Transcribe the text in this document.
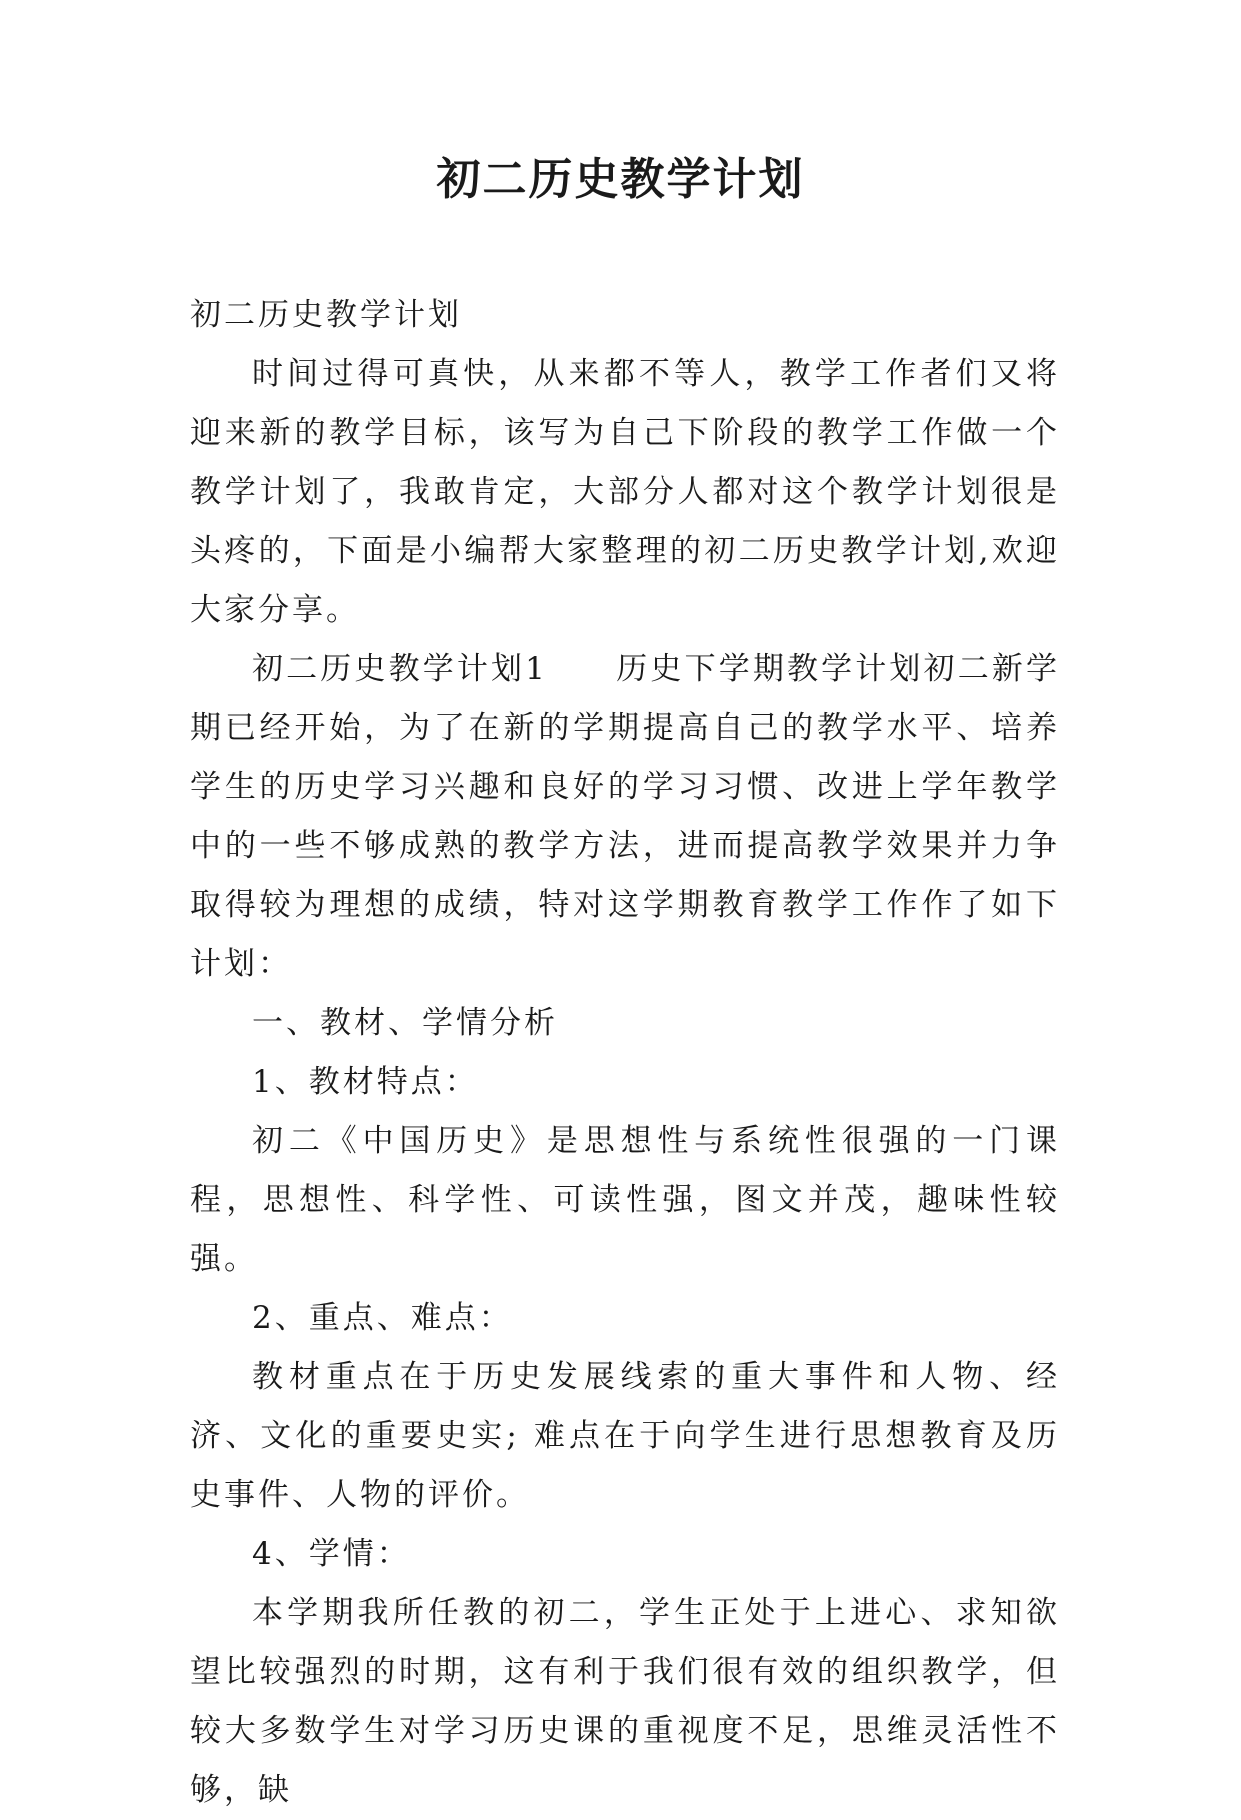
初二历史教学计划

初二历史教学计划

时间过得可真快，从来都不等人，教学工作者们又将迎来新的教学目标，该写为自己下阶段的教学工作做一个教学计划了，我敢肯定，大部分人都对这个教学计划很是头疼的，下面是小编帮大家整理的初二历史教学计划,欢迎大家分享。

初二历史教学计划1　　历史下学期教学计划初二新学期已经开始，为了在新的学期提高自己的教学水平、培养学生的历史学习兴趣和良好的学习习惯、改进上学年教学中的一些不够成熟的教学方法，进而提高教学效果并力争取得较为理想的成绩，特对这学期教育教学工作作了如下计划：

一、教材、学情分析

1、教材特点：

初二《中国历史》是思想性与系统性很强的一门课程，思想性、科学性、可读性强，图文并茂，趣味性较强。

2、重点、难点：

教材重点在于历史发展线索的重大事件和人物、经济、文化的重要史实; 难点在于向学生进行思想教育及历史事件、人物的评价。

4、学情：

本学期我所任教的初二，学生正处于上进心、求知欲望比较强烈的时期，这有利于我们很有效的组织教学，但较大多数学生对学习历史课的重视度不足，思维灵活性不够，缺
